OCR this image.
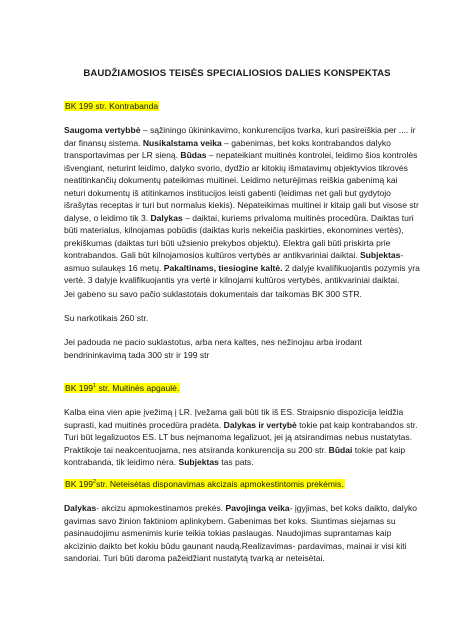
BAUDŽIAMOSIOS TEISĖS SPECIALIOSIOS DALIES KONSPEKTAS

BK 199 str. Kontrabanda

Saugoma vertybbė – sąžiningo ūkininkavimo, konkurencijos tvarka, kuri pasireiškia per .... ir dar finansų sistema. Nusikalstama veika – gabenimas, bet koks kontrabandos dalyko transportavimas per LR sieną. Būdas – nepateikiant muitinės kontrolei, leidimo šios kontrolės išvengiant, neturint leidimo, dalyko svorio, dydžio ar kitokių išmatavimų objektyvios tikrovės neatitinkančių dokumentų pateikimas muitinei. Leidimo neturėjimas reiškia gabenimą kai neturi dokumentų iš atitinkamos institucijos leisti gabenti (leidimas net gali but gydytojo išrašytas receptas ir turi but normalus kiekis). Nepateikimas muitinei ir kitaip gali but visose str dalyse, o leidimo tik 3. Dalykas – daiktai, kuriems privaloma muitinės procedūra. Daiktas turi būti materialus, kilnojamas pobūdis (daiktas kuris nekeičia paskirties, ekonomines vertės), prekiškumas (daiktas turi būti užsienio prekybos objektu). Elektra gali būti priskirta prie kontrabandos. Gali būt kilnojamosios kultūros vertybės ar antikvariniai daiktai. Subjektas- asmuo sulaukęs 16 metų. Pakaltinams, tiesiogine kaltė. 2 dalyje kvalifikuojantis pozymis yra vertė. 3 dalyje kvalifikuojantis yra vertė ir kilnojami kultūros vertybės, antikvariniai daiktai.

Jei gabeno su savo pačio suklastotais dokumentais dar taikomas BK 300 STR.

Su narkotikais 260 str.

Jei padouda ne pacio suklastotus, arba nera kaltes, nes nežinojau arba irodant bendrininkavimą tada 300 str ir 199 str

BK $199^1$ str. Muitinės apgaulė.

Kalba eina vien apie įvežimą į LR. Įvežama gali būti tik iš ES. Straipsnio dispozicija leidžia suprasti, kad muitinės procedūra pradėta. Dalykas ir vertybė tokie pat kaip kontrabandos str. Turi būt legalizuotos ES. LT bus neįmanoma legalizuot, jei ją atsirandimas nebus nustatytas. Praktikoje tai neakcentuojama, nes atsiranda konkurencija su 200 str. Būdai tokie pat kaip kontrabanda, tik leidimo nėra. Subjektas tas pats.

BK $199^2str$. Neteisėtas disponavimas akcizais apmokestintomis prekėmis.

Dalykas- akcizu apmokestinamos prekės. Pavojinga veika- įgyjimas, bet koks daikto, dalyko gavimas savo žinion faktiniom aplinkybem. Gabenimas bet koks. Siuntimas siejamas su pasinaudojimu asmenimis kurie teikia tokias paslaugas. Naudojimas suprantamas kaip akcizinio daikto bet kokiu būdu gaunant naudą.Realizavimas- pardavimas, mainai ir visi kiti sandoriai. Turi būti daroma pažeidžiant nustatytą tvarką ar neteisėtai.
